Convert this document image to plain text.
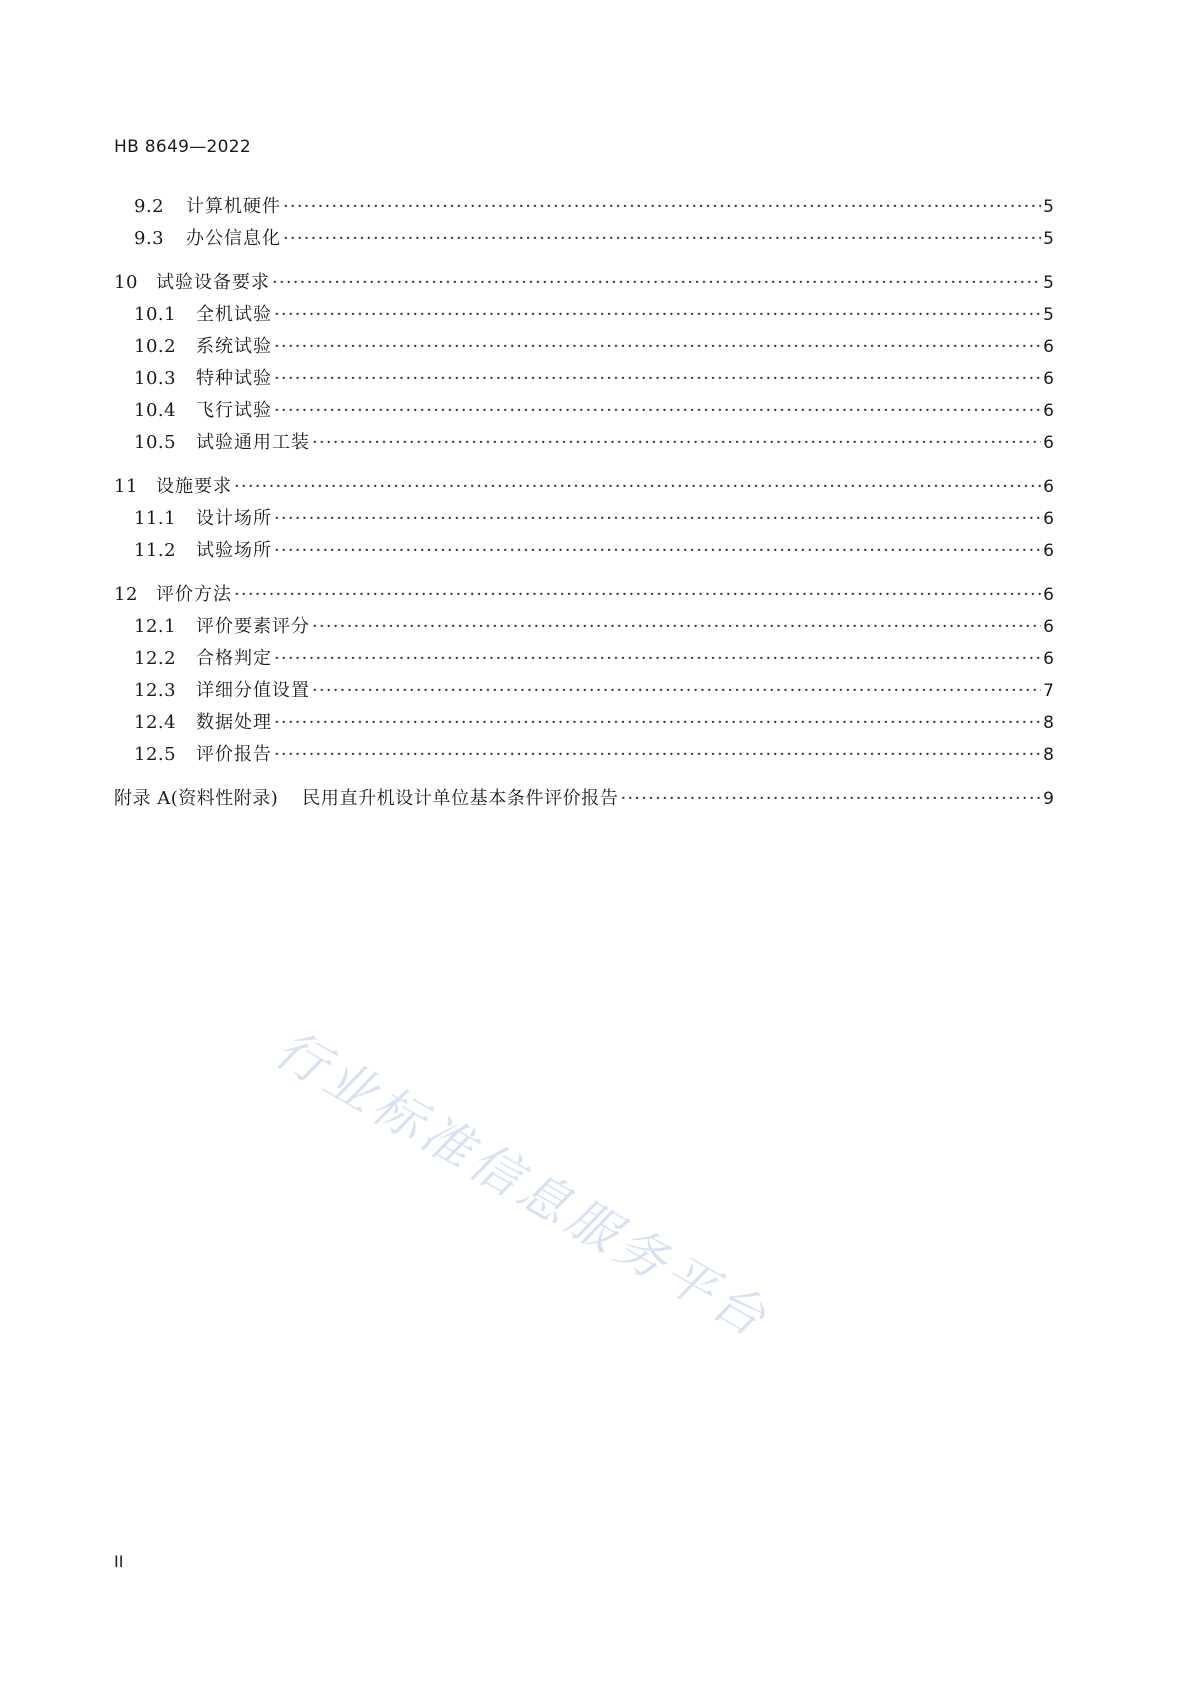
HB 8649—2022
9.2	计算机硬件 ·····	5
9.3	办公信息化 ·····	5
10	试验设备要求 ·····	5
10.1	全机试验 ·····	5
10.2	系统试验 ·····	6
10.3	特种试验 ·····	6
10.4	飞行试验 ·····	6
10.5	试验通用工装 ·····	6
11	设施要求 ·····	6
11.1	设计场所 ·····	6
11.2	试验场所 ·····	6
12	评价方法 ·····	6
12.1	评价要素评分 ·····	6
12.2	合格判定 ·····	6
12.3	详细分值设置 ·····	7
12.4	数据处理 ·····	8
12.5	评价报告 ·····	8
附录 A(资料性附录)	民用直升机设计单位基本条件评价报告 ·····	9
行业标准信息服务平台
II
